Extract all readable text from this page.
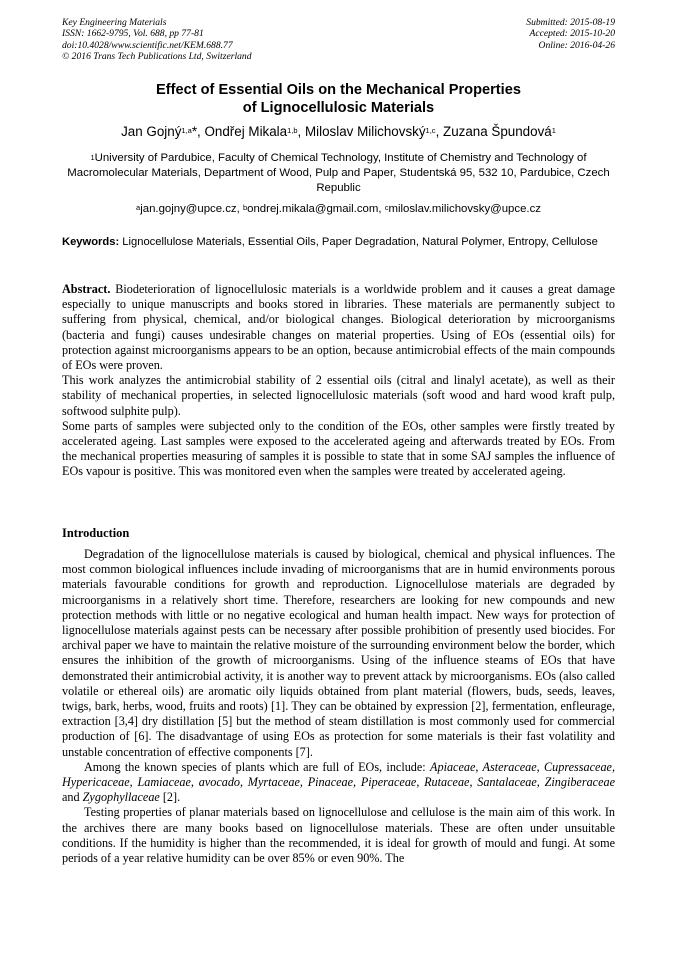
Key Engineering Materials
ISSN: 1662-9795, Vol. 688, pp 77-81
doi:10.4028/www.scientific.net/KEM.688.77
© 2016 Trans Tech Publications Ltd, Switzerland
Submitted: 2015-08-19
Accepted: 2015-10-20
Online: 2016-04-26
Effect of Essential Oils on the Mechanical Properties
of Lignocellulosic Materials
Jan Gojný$^{1,a}$*, Ondřej Mikala$^{1,b}$, Miloslav Milichovský$^{1,c}$, Zuzana Špundová$^1$
$^1$University of Pardubice, Faculty of Chemical Technology, Institute of Chemistry and Technology of Macromolecular Materials, Department of Wood, Pulp and Paper, Studentská 95, 532 10, Pardubice, Czech Republic
$^a$jan.gojny@upce.cz, $^b$ondrej.mikala@gmail.com, $^c$miloslav.milichovsky@upce.cz
Keywords: Lignocellulose Materials, Essential Oils, Paper Degradation, Natural Polymer, Entropy, Cellulose

Abstract. Biodeterioration of lignocellulosic materials is a worldwide problem and it causes a great damage especially to unique manuscripts and books stored in libraries. These materials are permanently subject to suffering from physical, chemical, and/or biological changes. Biological deterioration by microorganisms (bacteria and fungi) causes undesirable changes on material properties. Using of EOs (essential oils) for protection against microorganisms appears to be an option, because antimicrobial effects of the main compounds of EOs were proven.

This work analyzes the antimicrobial stability of 2 essential oils (citral and linalyl acetate), as well as their stability of mechanical properties, in selected lignocellulosic materials (soft wood and hard wood kraft pulp, softwood sulphite pulp).

Some parts of samples were subjected only to the condition of the EOs, other samples were firstly treated by accelerated ageing. Last samples were exposed to the accelerated ageing and afterwards treated by EOs. From the mechanical properties measuring of samples it is possible to state that in some SAJ samples the influence of EOs vapour is positive. This was monitored even when the samples were treated by accelerated ageing.

Introduction

Degradation of the lignocellulose materials is caused by biological, chemical and physical influences. The most common biological influences include invading of microorganisms that are in humid environments porous materials favourable conditions for growth and reproduction. Lignocellulose materials are degraded by microorganisms in a relatively short time. Therefore, researchers are looking for new compounds and new protection methods with little or no negative ecological and human health impact. New ways for protection of lignocellulose materials against pests can be necessary after possible prohibition of presently used biocides. For archival paper we have to maintain the relative moisture of the surrounding environment below the border, which ensures the inhibition of the growth of microorganisms. Using of the influence steams of EOs that have demonstrated their antimicrobial activity, it is another way to prevent attack by microorganisms. EOs (also called volatile or ethereal oils) are aromatic oily liquids obtained from plant material (flowers, buds, seeds, leaves, twigs, bark, herbs, wood, fruits and roots) [1]. They can be obtained by expression [2], fermentation, enfleurage, extraction [3,4] dry distillation [5] but the method of steam distillation is most commonly used for commercial production of [6]. The disadvantage of using EOs as protection for some materials is their fast volatility and unstable concentration of effective components [7].

Among the known species of plants which are full of EOs, include: Apiaceae, Asteraceae, Cupressaceae, Hypericaceae, Lamiaceae, avocado, Myrtaceae, Pinaceae, Piperaceae, Rutaceae, Santalaceae, Zingiberaceae and Zygophyllaceae [2].

Testing properties of planar materials based on lignocellulose and cellulose is the main aim of this work. In the archives there are many books based on lignocellulose materials. These are often under unsuitable conditions. If the humidity is higher than the recommended, it is ideal for growth of mould and fungi. At some periods of a year relative humidity can be over 85% or even 90%. The
